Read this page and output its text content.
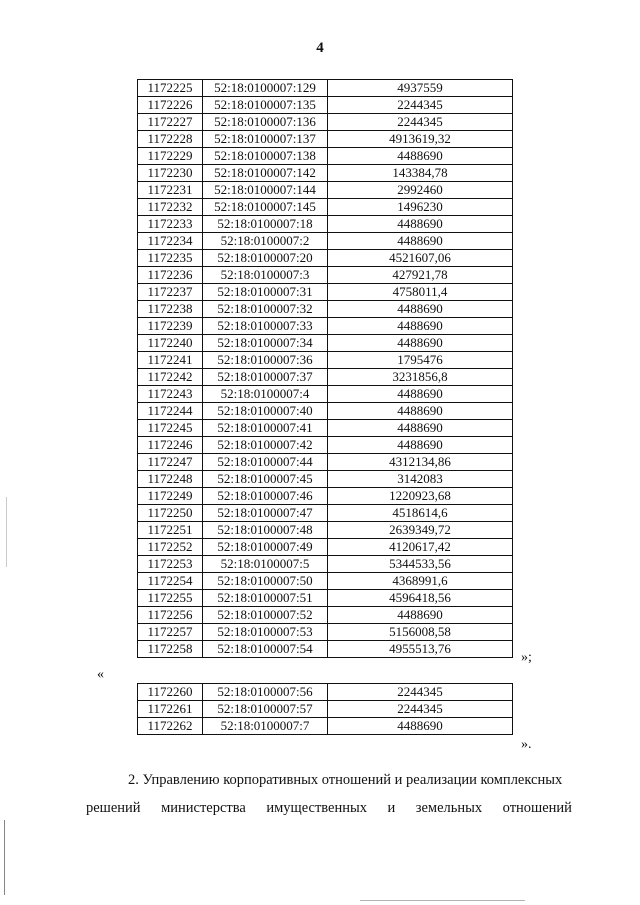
4
1172225	52:18:0100007:129	4937559
1172226	52:18:0100007:135	2244345
1172227	52:18:0100007:136	2244345
1172228	52:18:0100007:137	4913619,32
1172229	52:18:0100007:138	4488690
1172230	52:18:0100007:142	143384,78
1172231	52:18:0100007:144	2992460
1172232	52:18:0100007:145	1496230
1172233	52:18:0100007:18	4488690
1172234	52:18:0100007:2	4488690
1172235	52:18:0100007:20	4521607,06
1172236	52:18:0100007:3	427921,78
1172237	52:18:0100007:31	4758011,4
1172238	52:18:0100007:32	4488690
1172239	52:18:0100007:33	4488690
1172240	52:18:0100007:34	4488690
1172241	52:18:0100007:36	1795476
1172242	52:18:0100007:37	3231856,8
1172243	52:18:0100007:4	4488690
1172244	52:18:0100007:40	4488690
1172245	52:18:0100007:41	4488690
1172246	52:18:0100007:42	4488690
1172247	52:18:0100007:44	4312134,86
1172248	52:18:0100007:45	3142083
1172249	52:18:0100007:46	1220923,68
1172250	52:18:0100007:47	4518614,6
1172251	52:18:0100007:48	2639349,72
1172252	52:18:0100007:49	4120617,42
1172253	52:18:0100007:5	5344533,56
1172254	52:18:0100007:50	4368991,6
1172255	52:18:0100007:51	4596418,56
1172256	52:18:0100007:52	4488690
1172257	52:18:0100007:53	5156008,58
1172258	52:18:0100007:54	4955513,76
»;
«
1172260	52:18:0100007:56	2244345
1172261	52:18:0100007:57	2244345
1172262	52:18:0100007:7	4488690
».
2. Управлению корпоративных отношений и реализации комплексных
решений министерства имущественных и земельных отношений
